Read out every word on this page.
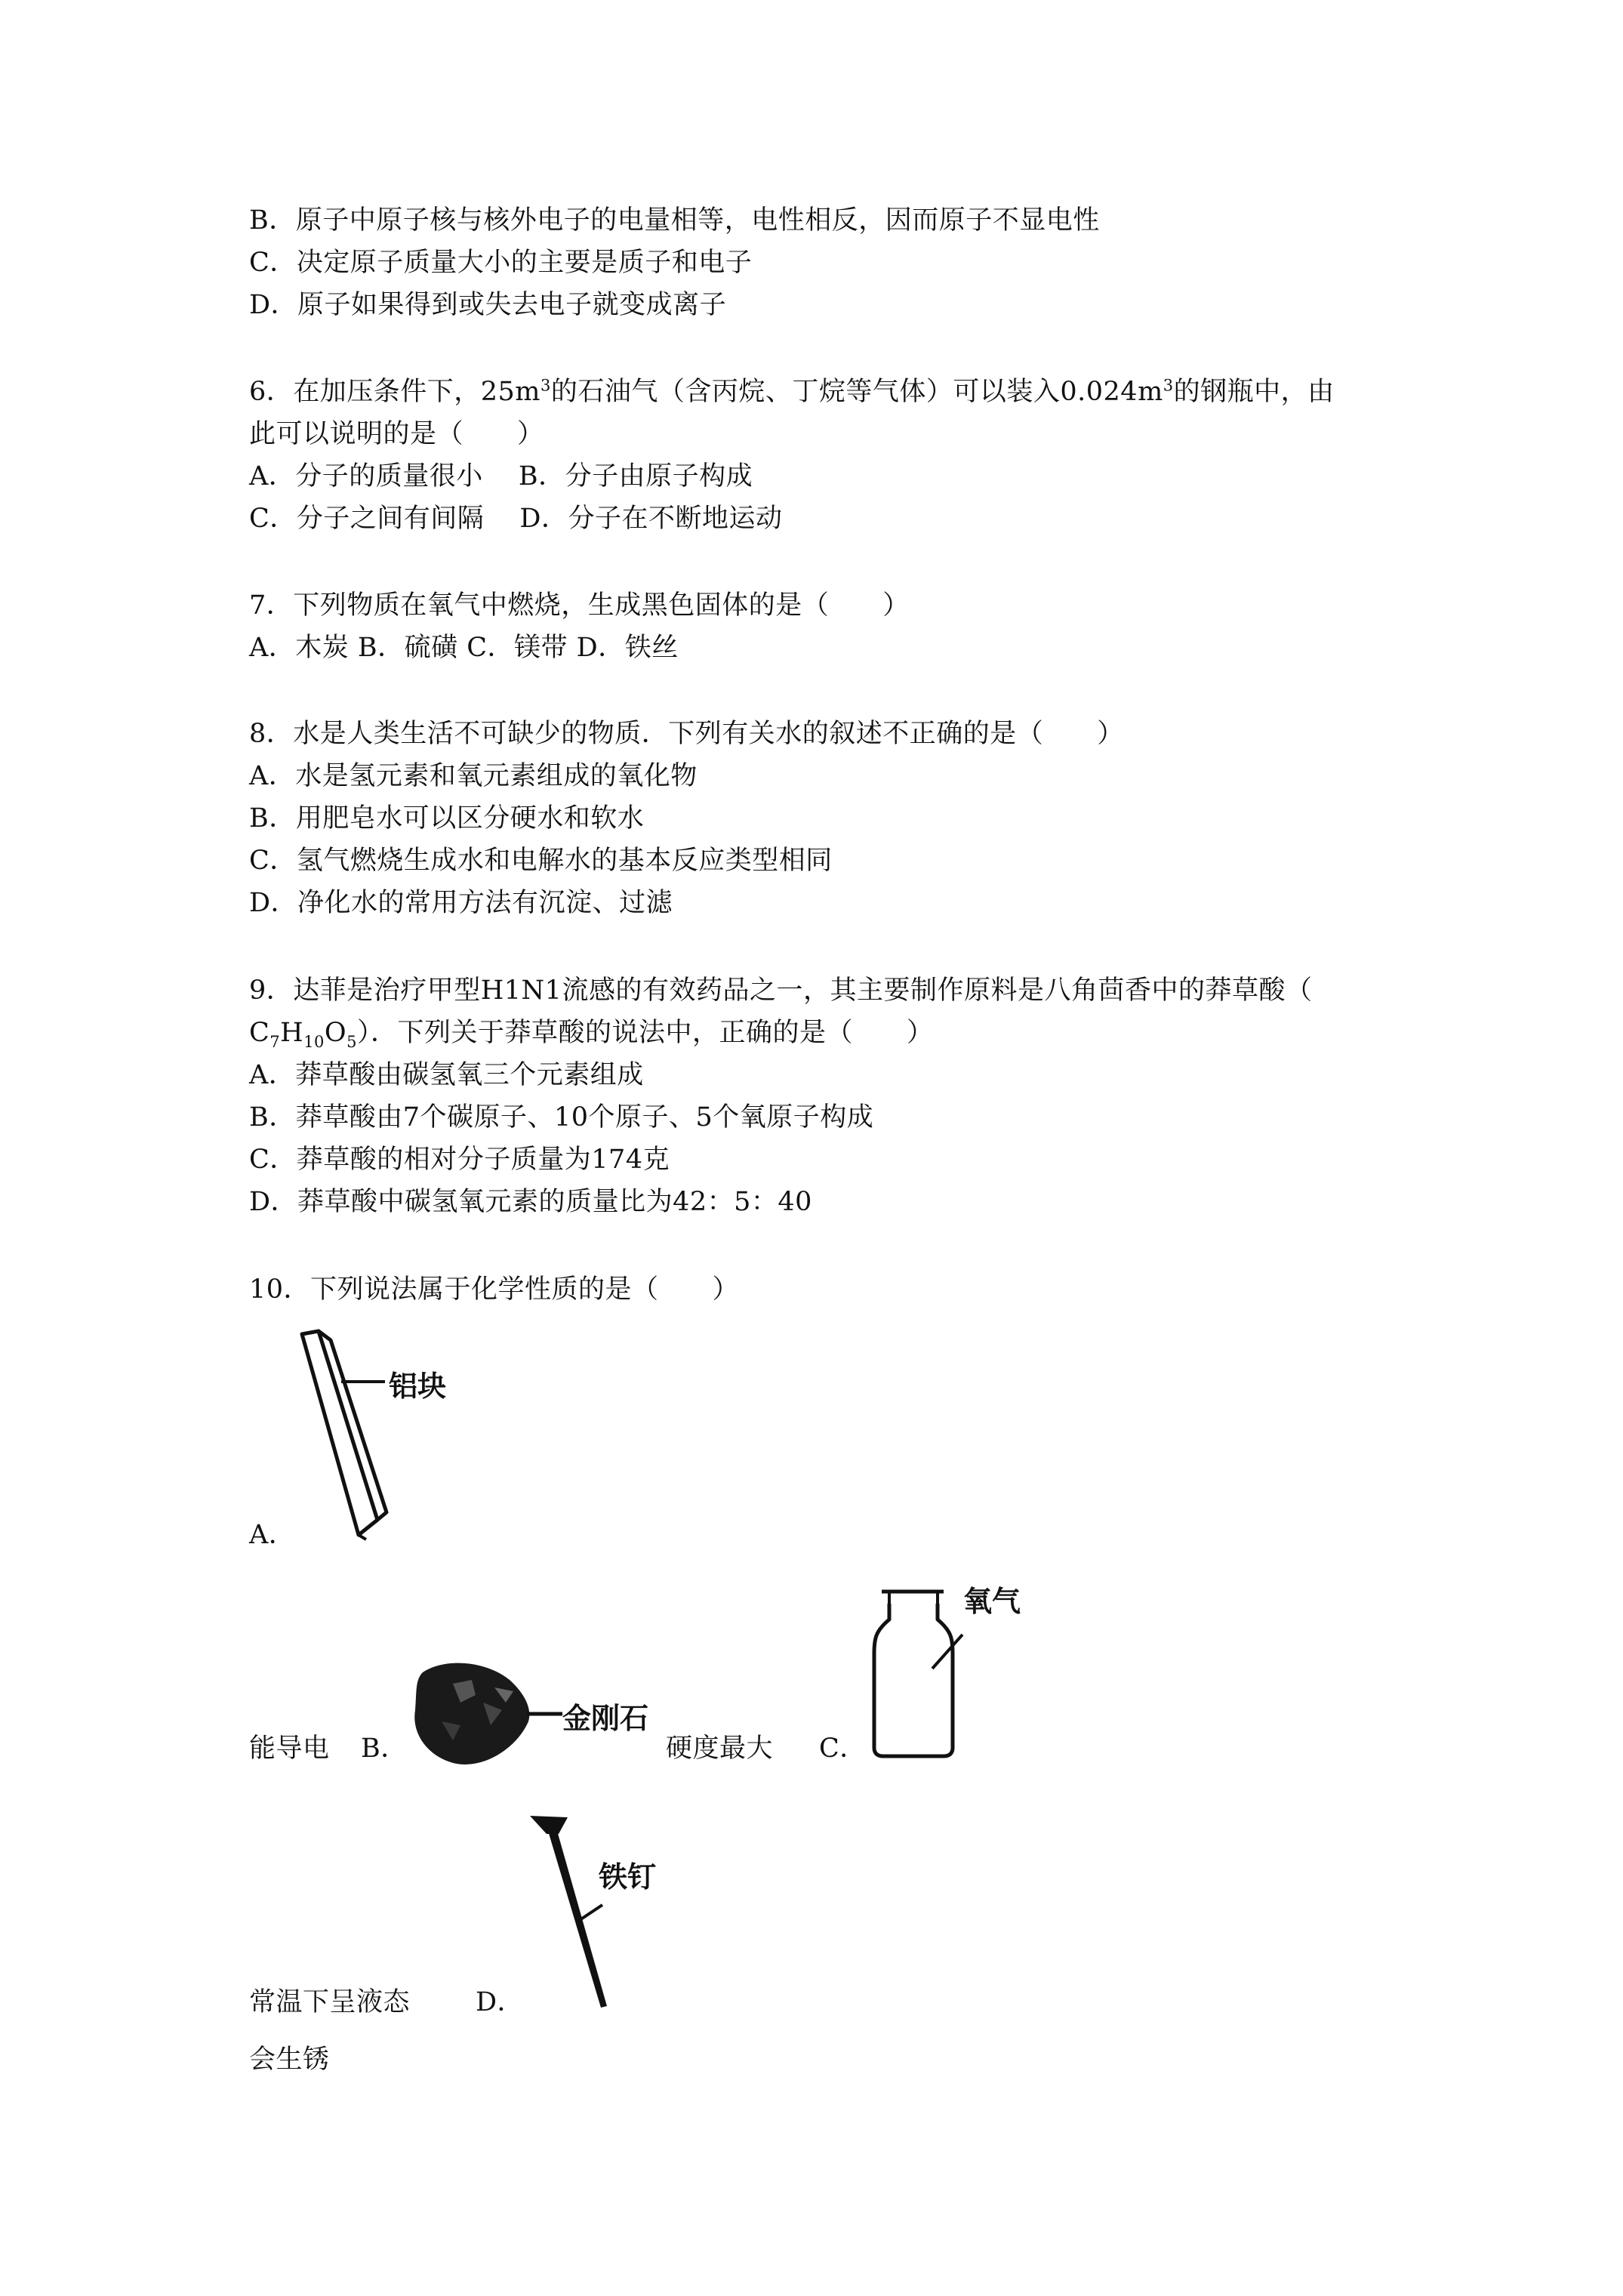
B．原子中原子核与核外电子的电量相等，电性相反，因而原子不显电性
C．决定原子质量大小的主要是质子和电子
D．原子如果得到或失去电子就变成离子
6．在加压条件下，$25m^3$的石油气（含丙烷、丁烷等气体）可以装入$0.024m^3$的钢瓶中，由
此可以说明的是（　　）
A．分子的质量很小　 B．分子由原子构成
C．分子之间有间隔　 D．分子在不断地运动
7．下列物质在氧气中燃烧，生成黑色固体的是（　　）
A．木炭 B．硫磺 C．镁带 D．铁丝
8．水是人类生活不可缺少的物质．下列有关水的叙述不正确的是（　　）
A．水是氢元素和氧元素组成的氧化物
B．用肥皂水可以区分硬水和软水
C．氢气燃烧生成水和电解水的基本反应类型相同
D．净化水的常用方法有沉淀、过滤
9．达菲是治疗甲型H1N1流感的有效药品之一，其主要制作原料是八角茴香中的莽草酸（
$C_7H_{10}O_5$）．下列关于莽草酸的说法中，正确的是（　　）
A．莽草酸由碳氢氧三个元素组成
B．莽草酸由7个碳原子、10个原子、5个氧原子构成
C．莽草酸的相对分子质量为174克
D．莽草酸中碳氢氧元素的质量比为42：5：40
10．下列说法属于化学性质的是（　　）
铝块
A．
能导电 B．
金刚石
硬度最大 C．
氧气
常温下呈液态 D．
铁钉
会生锈
